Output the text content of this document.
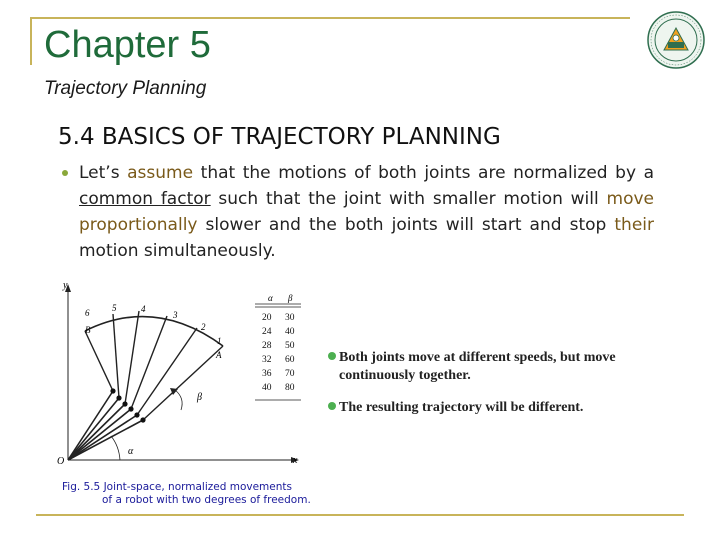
Chapter 5
Trajectory Planning
5.4 BASICS OF TRAJECTORY PLANNING
Let’s assume that the motions of both joints are normalized by a common factor such that the joint with smaller motion will move proportionally slower and the both joints will start and stop their motion simultaneously.
y
x
O
α
β
A
B
1
2
3
4
5
6
α β
20 30
24 40
28 50
32 60
36 70
40 80
Fig. 5.5 Joint-space, normalized movements
of a robot with two degrees of freedom.
Both joints move at different speeds, but move
continuously together.
The resulting trajectory will be different.
